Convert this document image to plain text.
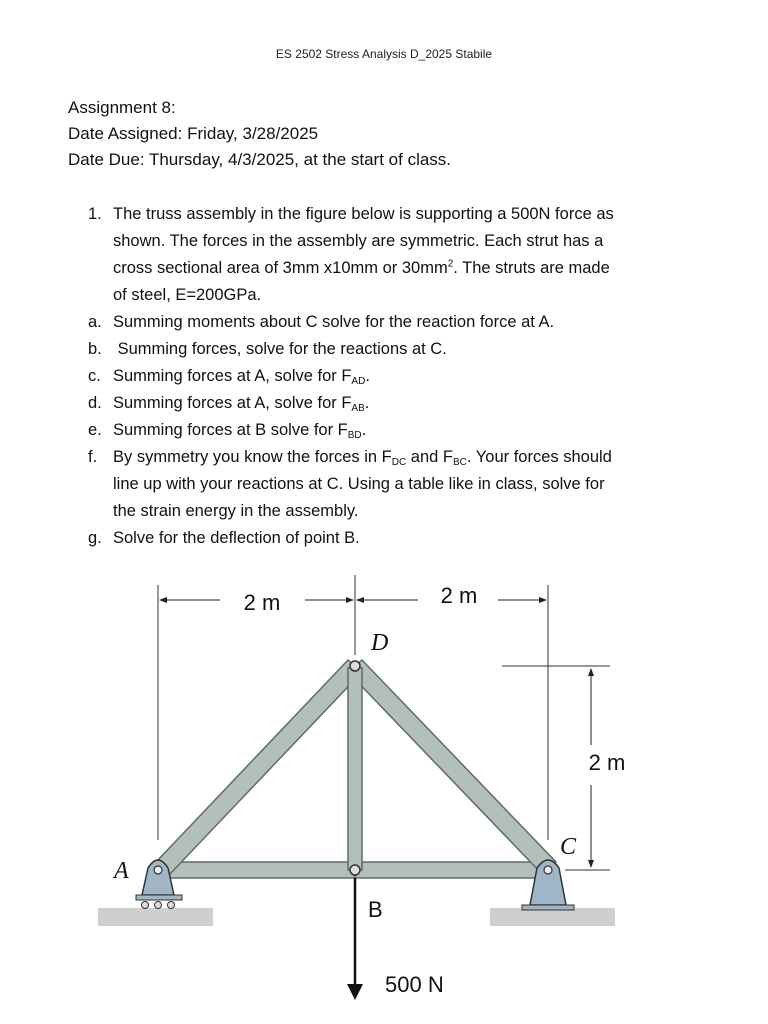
ES 2502 Stress Analysis D_2025 Stabile
Assignment 8:
Date Assigned: Friday, 3/28/2025
Date Due: Thursday, 4/3/2025, at the start of class.
1. The truss assembly in the figure below is supporting a 500N force as
shown. The forces in the assembly are symmetric. Each strut has a
cross sectional area of 3mm x10mm or $30mm^2$. The struts are made
of steel, E=200GPa.
a. Summing moments about C solve for the reaction force at A.
b. Summing forces, solve for the reactions at C.
c. Summing forces at A, solve for $F_{AD}$.
d. Summing forces at A, solve for $F_{AB}$.
e. Summing forces at B solve for $F_{BD}$.
f. By symmetry you know the forces in $F_{DC}$ and $F_{BC}$. Your forces should
line up with your reactions at C. Using a table like in class, solve for
the strain energy in the assembly.
g. Solve for the deflection of point B.
2 m	2 m
2 m
A
B
C
D
500 N
